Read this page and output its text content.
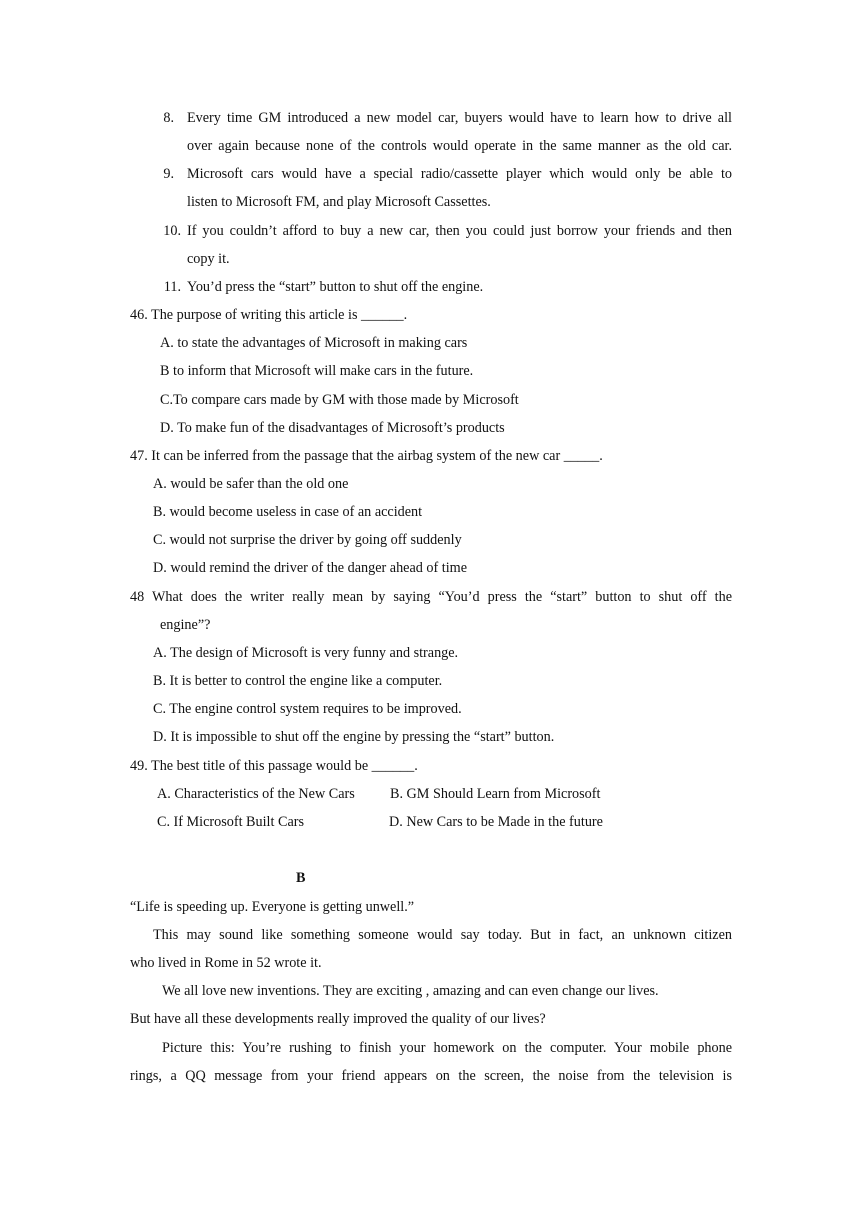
8. Every time GM introduced a new model car, buyers would have to learn how to drive all
over again because none of the controls would operate in the same manner as the old car.
9. Microsoft cars would have a special radio/cassette player which would only be able to
listen to Microsoft FM, and play Microsoft Cassettes.
10. If you couldn’t afford to buy a new car, then you could just borrow your friends and then
copy it.
11. You’d press the “start” button to shut off the engine.
46. The purpose of writing this article is ______.
A. to state the advantages of Microsoft in making cars
B to inform that Microsoft will make cars in the future.
C.To compare cars made by GM with those made by Microsoft
D. To make fun of the disadvantages of Microsoft’s products
47. It can be inferred from the passage that the airbag system of the new car _____.
A. would be safer than the old one
B. would become useless in case of an accident
C. would not surprise the driver by going off suddenly
D. would remind the driver of the danger ahead of time
48 What does the writer really mean by saying “You’d press the “start” button to shut off the
engine”?
A. The design of Microsoft is very funny and strange.
B. It is better to control the engine like a computer.
C. The engine control system requires to be improved.
D. It is impossible to shut off the engine by pressing the “start” button.
49. The best title of this passage would be ______.
A. Characteristics of the New Cars B. GM Should Learn from Microsoft
C. If Microsoft Built Cars	D. New Cars to be Made in the future
B
“Life is speeding up. Everyone is getting unwell.”
This may sound like something someone would say today. But in fact, an unknown citizen
who lived in Rome in 52 wrote it.
We all love new inventions. They are exciting , amazing and can even change our lives.
But have all these developments really improved the quality of our lives?
Picture this: You’re rushing to finish your homework on the computer. Your mobile phone
rings, a QQ message from your friend appears on the screen, the noise from the television is
